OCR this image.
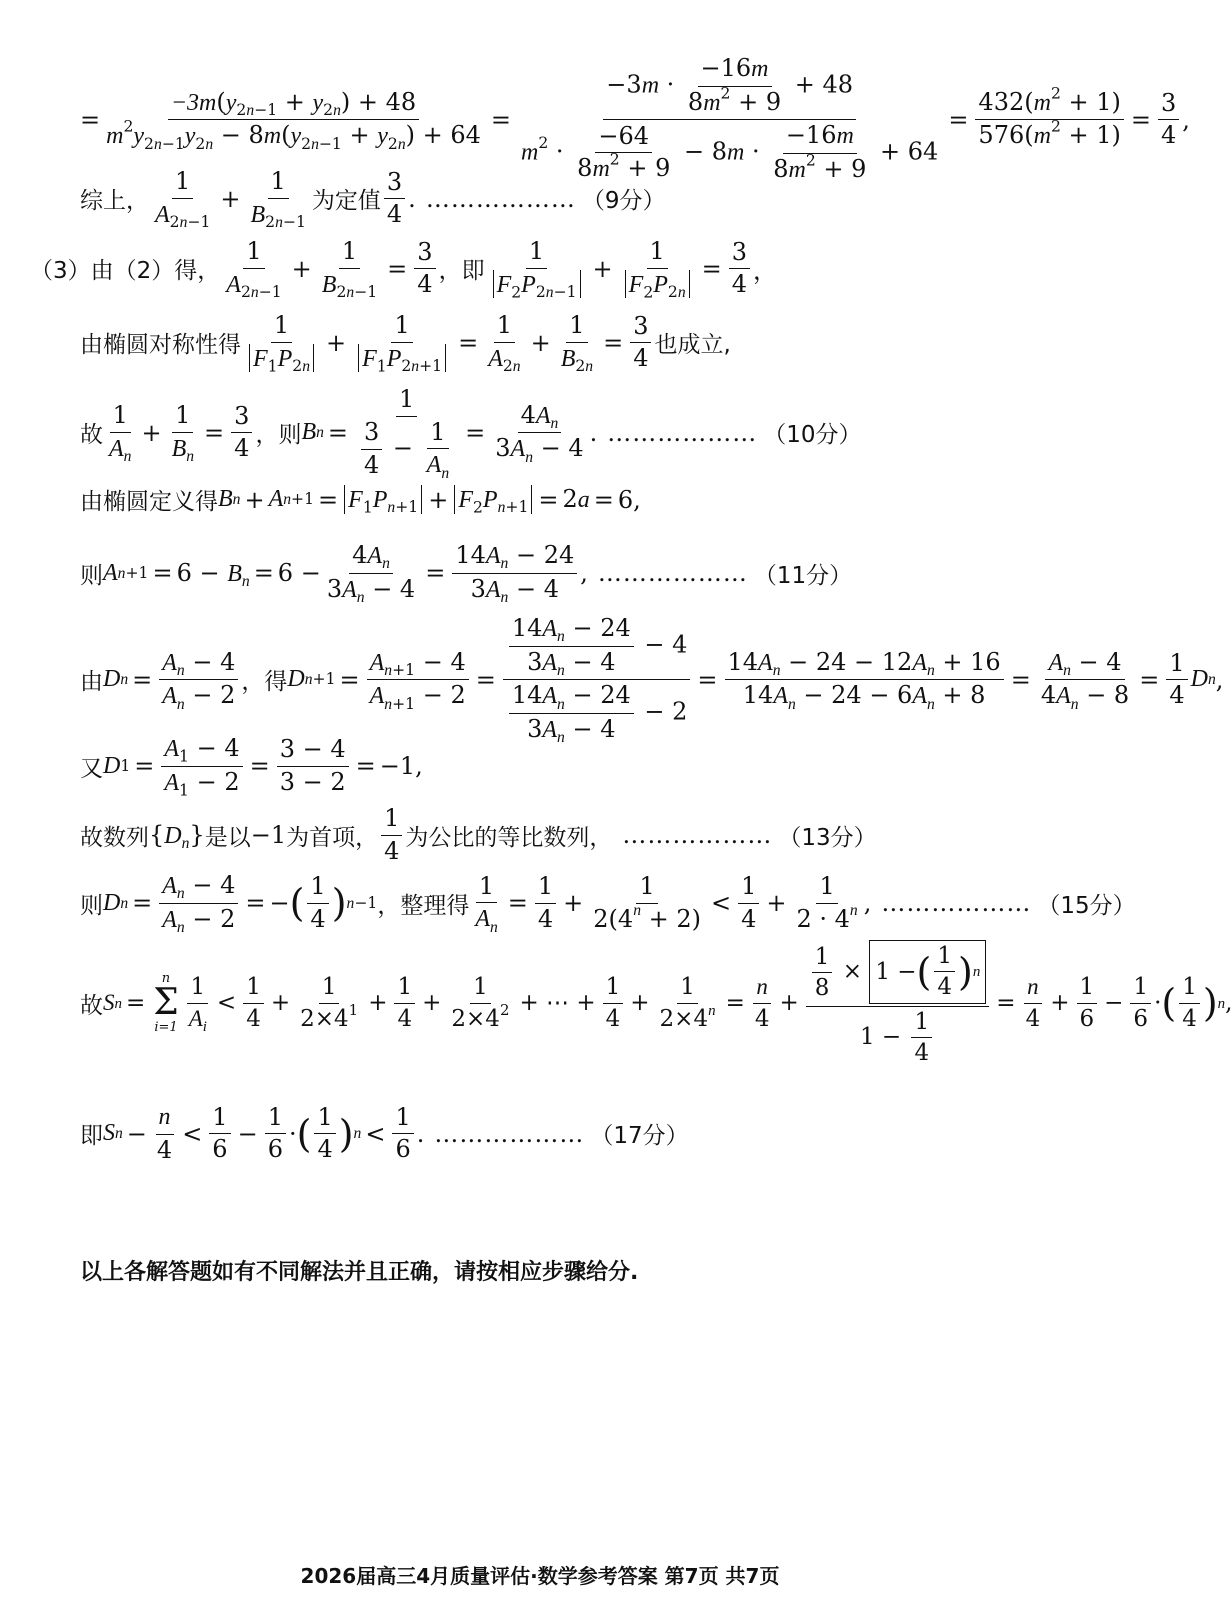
= $\frac{-3m(y_{2n-1} + y_{2n}) + 48}{m^2y_{2n-1}y_{2n} - 8m(y_{2n-1} + y_{2n}) + 64} = \frac{-3m \cdot \frac{-16m}{8m^2 + 9} + 48}{m^2 \cdot \frac{-64}{8m^2 + 9} - 8m \cdot \frac{-16m}{8m^2 + 9} + 64} = \frac{432(m^2 + 1)}{576(m^2 + 1)} = \frac{3}{4}$ ,
综上， $\frac{1}{A_{2n-1}} + \frac{1}{B_{2n-1}}$ 为定值 $\frac{3}{4}$ . ……………… （9分）
（3）由（2）得， $\frac{1}{A_{2n-1}} + \frac{1}{B_{2n-1}} = \frac{3}{4}$ ，即 $\frac{1}{F_2P_{2n-1}} + \frac{1}{F_2P_{2n}} = \frac{3}{4}$ ，
由椭圆对称性得 $\frac{1}{F_1P_{2n}} + \frac{1}{F_1P_{2n+1}} = \frac{1}{A_{2n}} + \frac{1}{B_{2n}} = \frac{3}{4}$ 也成立,
故 $\frac{1}{A_n} + \frac{1}{B_n} = \frac{3}{4}$ ，则 B $n = \frac{1}{\frac{3}{4} - \frac{1}{A_n}} = \frac{4A_n}{3A_n - 4}$ . ……………… （10分）
由椭圆定义得 B n + A $n+1 = F_1P_{n+1} + F_2P_{n+1} = 2a = 6$ ,
则 A $n+1 = 6 - B_n = 6 - \frac{4A_n}{3A_n - 4} = \frac{14A_n - 24}{3A_n - 4}$ , ……………… （11分）
由 D $n = \frac{A_n - 4}{A_n - 2}$ ，得 D $n+1 = \frac{A_{n+1} - 4}{A_{n+1} - 2} = \frac{\frac{14A_n - 24}{3A_n - 4} - 4}{\frac{14A_n - 24}{3A_n - 4} - 2} = \frac{14A_n - 24 - 12A_n + 16}{14A_n - 24 - 6A_n + 8} = \frac{A_n - 4}{4A_n - 8} = \frac{1}{4}$ D n ,
又 D $1 = \frac{A_1 - 4}{A_1 - 2} = \frac{3 - 4}{3 - 2} = -1$ ,
故数列 $\{D_n\}$ 是以 −1 为首项， $\frac{1}{4}$ 为公比的等比数列， ……………… （13分）
则 D $n = \frac{A_n - 4}{A_n - 2}$ = − ( $\frac{1}{4}$ ) n−1 ，整理得 $\frac{1}{A_n} = \frac{1}{4} + \frac{1}{2(4^n + 2)} < \frac{1}{4} + \frac{1}{2 \cdot 4^n}$ , ……………… （15分）
故 S n =
n
Σ
$i=1 \frac{1}{A_i} < \frac{1}{4} + \frac{1}{2\times 4^1} + \frac{1}{4} + \frac{1}{2\times 4^2}$ + ⋯ + $\frac{1}{4} + \frac{1}{2\times 4^n} = \frac{n}{4} + \frac{\frac{1}{8} \times 1 - ( \frac{1}{4} ) n}{1 - \frac{1}{4}} = \frac{n}{4} + \frac{1}{6} - \frac{1}{6}$ · ( $\frac{1}{4}$ ) n ,
即 S $n - \frac{n}{4} < \frac{1}{6} - \frac{1}{6}$ · ( $\frac{1}{4}$ ) $n < \frac{1}{6}$ . ……………… （17分）
以上各解答题如有不同解法并且正确，请按相应步骤给分.
2026届高三4月质量评估·数学参考答案 第7页 共7页
